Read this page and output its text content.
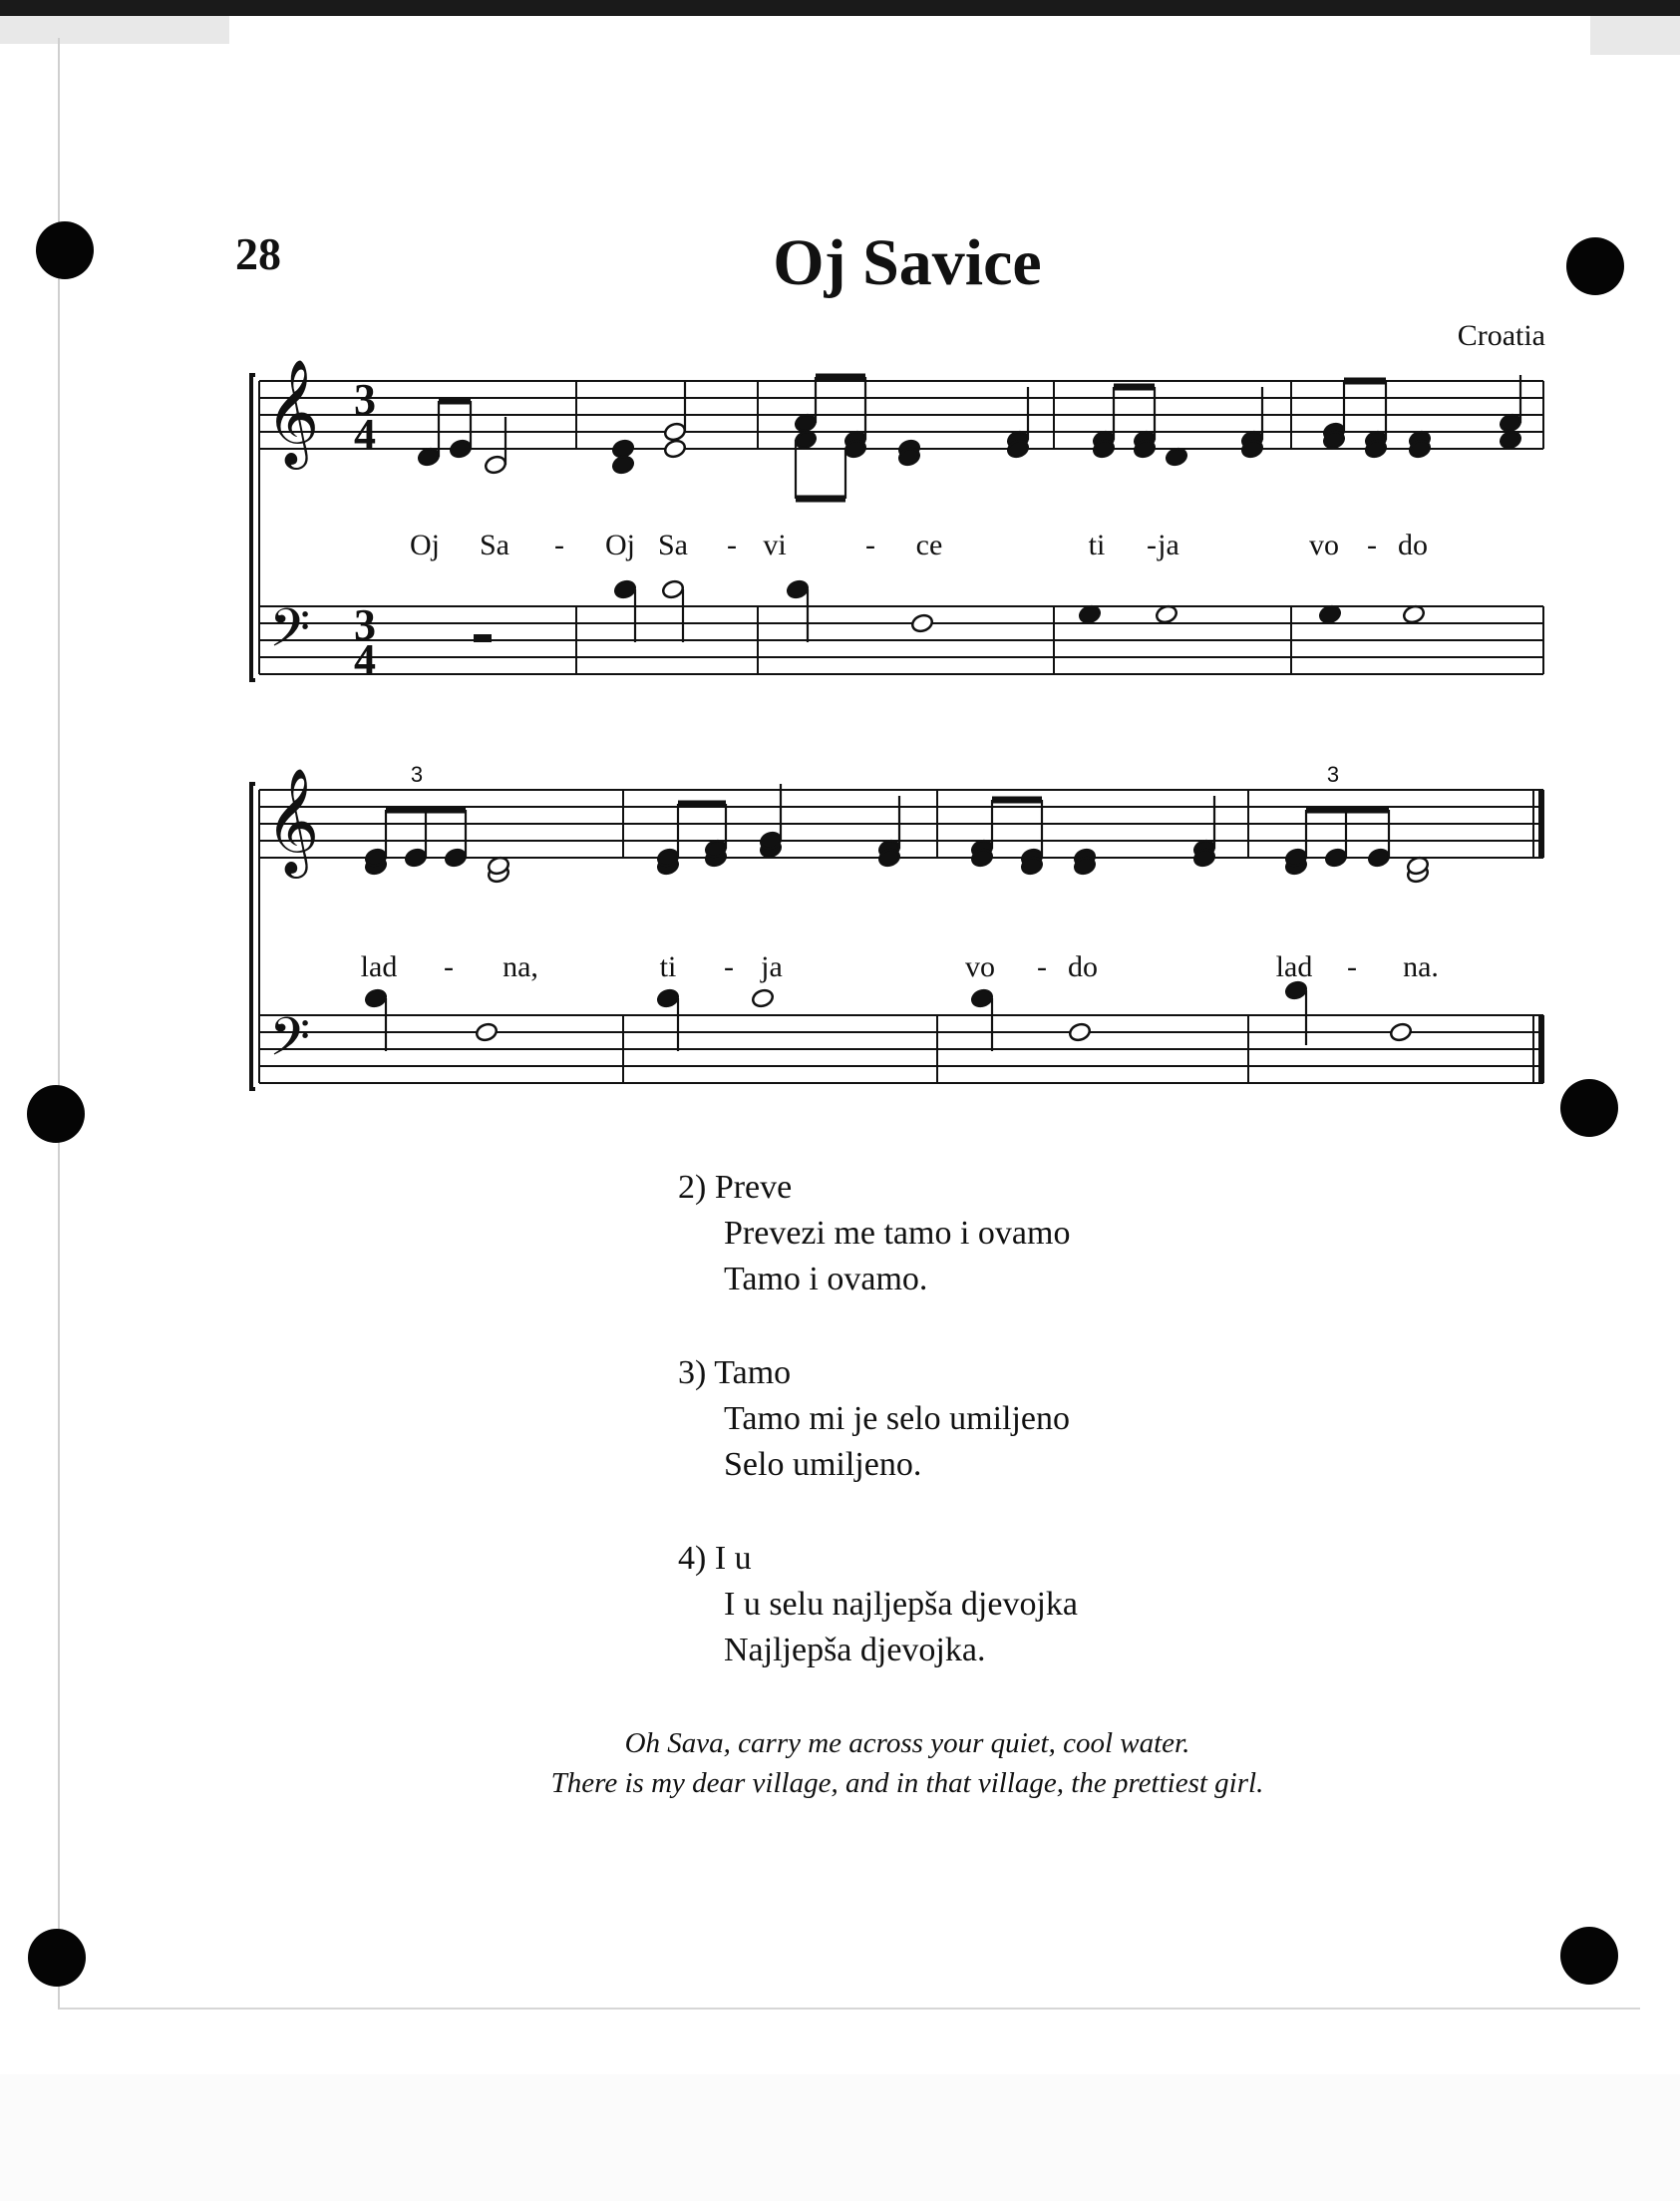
28	Oj Savice
Croatia
𝄞
𝄢
3
4
3
4
𝄞
𝄢
3	3
Oj Sa - Oj Sa - vi	- ce	ti - ja	vo - do
lad - na,	ti - ja	vo - do	lad - na.
2) Preve
Prevezi me tamo i ovamo
Tamo i ovamo.
3) Tamo
Tamo mi je selo umiljeno
Selo umiljeno.
4) I u
I u selu najljepša djevojka
Najljepša djevojka.
Oh Sava, carry me across your quiet, cool water.
There is my dear village, and in that village, the prettiest girl.
